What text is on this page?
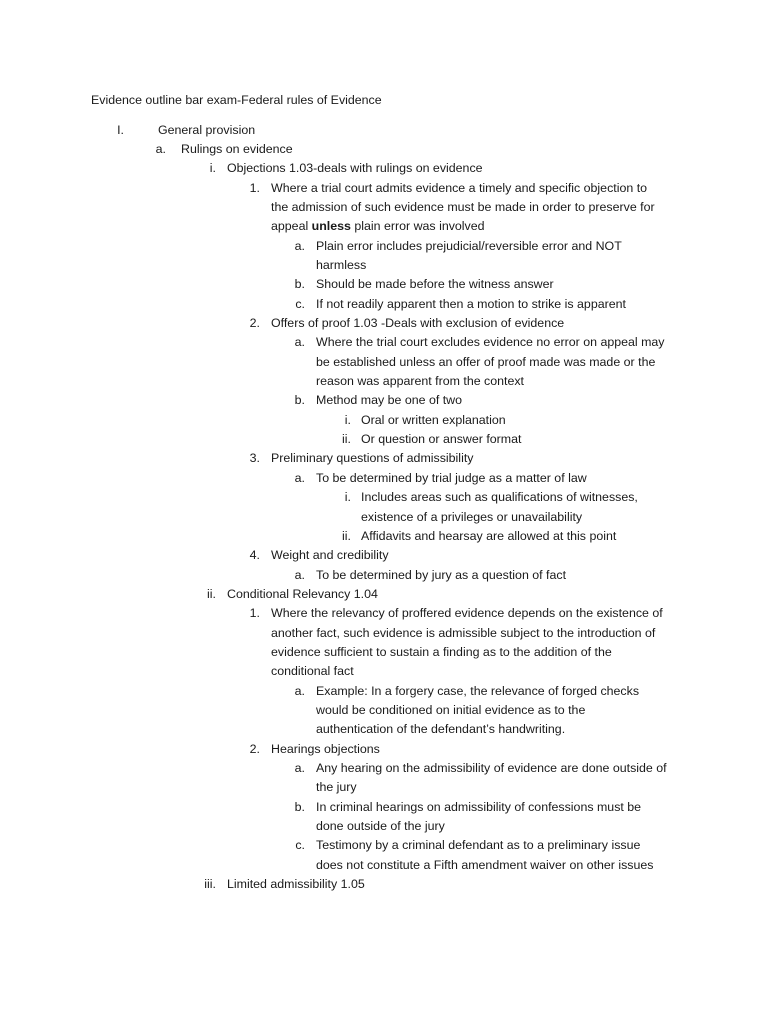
Evidence outline bar exam-Federal rules of Evidence
I.	General provision
a. Rulings on evidence
i. Objections 1.03-deals with rulings on evidence
1. Where a trial court admits evidence a timely and specific objection to
the admission of such evidence must be made in order to preserve for
appeal unless plain error was involved
a. Plain error includes prejudicial/reversible error and NOT
harmless
b. Should be made before the witness answer
c. If not readily apparent then a motion to strike is apparent
2. Offers of proof 1.03 -Deals with exclusion of evidence
a. Where the trial court excludes evidence no error on appeal may
be established unless an offer of proof made was made or the
reason was apparent from the context
b. Method may be one of two
i. Oral or written explanation
ii. Or question or answer format
3. Preliminary questions of admissibility
a. To be determined by trial judge as a matter of law
i. Includes areas such as qualifications of witnesses,
existence of a privileges or unavailability
ii. Affidavits and hearsay are allowed at this point
4. Weight and credibility
a. To be determined by jury as a question of fact
ii. Conditional Relevancy 1.04
1. Where the relevancy of proffered evidence depends on the existence of
another fact, such evidence is admissible subject to the introduction of
evidence sufficient to sustain a finding as to the addition of the
conditional fact
a. Example: In a forgery case, the relevance of forged checks
would be conditioned on initial evidence as to the
authentication of the defendant’s handwriting.
2. Hearings objections
a. Any hearing on the admissibility of evidence are done outside of
the jury
b. In criminal hearings on admissibility of confessions must be
done outside of the jury
c. Testimony by a criminal defendant as to a preliminary issue
does not constitute a Fifth amendment waiver on other issues
iii. Limited admissibility 1.05
